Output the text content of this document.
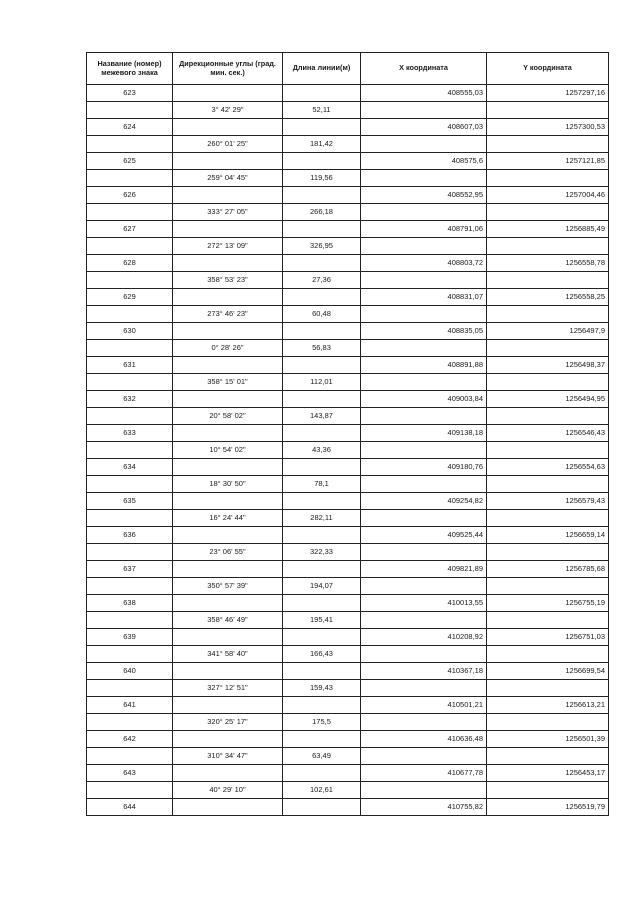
Название (номер) межевого знака	Дирекционные углы (град. мин. сек.)	Длина линии(м)	X координата	Y координата
623			408555,03	1257297,16
	3° 42' 29"	52,11		
624			408607,03	1257300,53
	260° 01' 25"	181,42		
625			408575,6	1257121,85
	259° 04' 45"	119,56		
626			408552,95	1257004,46
	333° 27' 05"	266,18		
627			408791,06	1256885,49
	272° 13' 09"	326,95		
628			408803,72	1256558,78
	358° 53' 23"	27,36		
629			408831,07	1256558,25
	273° 46' 23"	60,48		
630			408835,05	1256497,9
	0° 28' 26"	56,83		
631			408891,88	1256498,37
	358° 15' 01"	112,01		
632			409003,84	1256494,95
	20° 58' 02"	143,87		
633			409138,18	1256546,43
	10° 54' 02"	43,36		
634			409180,76	1256554,63
	18° 30' 50"	78,1		
635			409254,82	1256579,43
	16° 24' 44"	282,11		
636			409525,44	1256659,14
	23° 06' 55"	322,33		
637			409821,89	1256785,68
	350° 57' 39"	194,07		
638			410013,55	1256755,19
	358° 46' 49"	195,41		
639			410208,92	1256751,03
	341° 58' 40"	166,43		
640			410367,18	1256699,54
	327° 12' 51"	159,43		
641			410501,21	1256613,21
	320° 25' 17"	175,5		
642			410636,48	1256501,39
	310° 34' 47"	63,49		
643			410677,78	1256453,17
	40° 29' 10"	102,61		
644			410755,82	1256519,79
